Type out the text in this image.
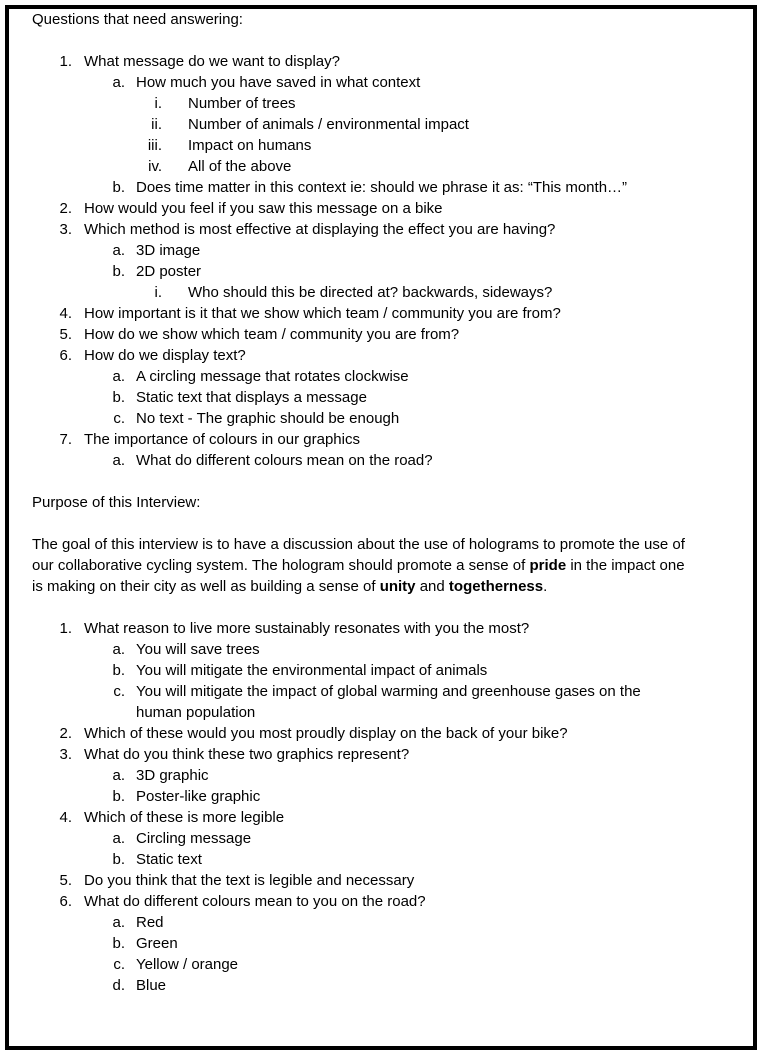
Questions that need answering:
1. What message do we want to display?
a. How much you have saved in what context
i. Number of trees
ii. Number of animals / environmental impact
iii. Impact on humans
iv. All of the above
b. Does time matter in this context ie: should we phrase it as: “This month…”
2. How would you feel if you saw this message on a bike
3. Which method is most effective at displaying the effect you are having?
a. 3D image
b. 2D poster
i. Who should this be directed at? backwards, sideways?
4. How important is it that we show which team / community you are from?
5. How do we show which team / community you are from?
6. How do we display text?
a. A circling message that rotates clockwise
b. Static text that displays a message
c. No text - The graphic should be enough
7. The importance of colours in our graphics
a. What do different colours mean on the road?
Purpose of this Interview:
The goal of this interview is to have a discussion about the use of holograms to promote the use of our collaborative cycling system. The hologram should promote a sense of pride in the impact one is making on their city as well as building a sense of unity and togetherness.
1. What reason to live more sustainably resonates with you the most?
a. You will save trees
b. You will mitigate the environmental impact of animals
c. You will mitigate the impact of global warming and greenhouse gases on the
human population
2. Which of these would you most proudly display on the back of your bike?
3. What do you think these two graphics represent?
a. 3D graphic
b. Poster-like graphic
4. Which of these is more legible
a. Circling message
b. Static text
5. Do you think that the text is legible and necessary
6. What do different colours mean to you on the road?
a. Red
b. Green
c. Yellow / orange
d. Blue
